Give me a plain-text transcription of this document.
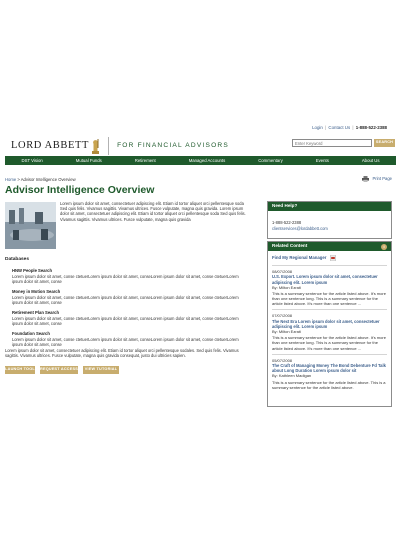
Login | Contact Us | 1-888-522-2388
LORD ABBETT	FOR FINANCIAL ADVISORS
Enter Keyword	SEARCH
DST Vision	Mutual Funds	Retirement	Managed Accounts	Commentary	Events	About Us
Home > Advisor Intelligence Overview	Print Page
Advisor Intelligence Overview

Lorem ipsum dolor sit amet, consectetuer adipiscing elit. Etiam id tortor aliquet orci pellentesque soda Sed quis felis. Vivamus sagittis. Vivamus ultrices. Fusce vulputate, magna quis gravida. Lorem ipsum dolor sit amet, consectetuer adipiscing elit. Etiam id tortor aliquet orci pellentesque soda Sed quis felis. Vivamus sagittis. Vivamus ultrices. Fusce vulputate, magna quis gravida

Databases
HNW People Search
Lorem ipsum dolor sit amet, conse ctetuerLorem ipsum dolor sit amet, conseLorem ipsum dolor sit amet, conse ctetuerLorem ipsum dolor sit amet, conse
Money in Motion Search
Lorem ipsum dolor sit amet, conse ctetuerLorem ipsum dolor sit amet, conseLorem ipsum dolor sit amet, conse ctetuerLorem ipsum dolor sit amet, conse
Retirement Plan Search
Lorem ipsum dolor sit amet, conse ctetuerLorem ipsum dolor sit amet, conseLorem ipsum dolor sit amet, conse ctetuerLorem ipsum dolor sit amet, conse
Foundation Search
Lorem ipsum dolor sit amet, conse ctetuerLorem ipsum dolor sit amet, conseLorem ipsum dolor sit amet, conse ctetuerLorem ipsum dolor sit amet, conse

Lorem ipsum dolor sit amet, consectetuer adipiscing elit. Etiam id tortor aliquet orci pellentesque sodales. Sed quis felis. Vivamus sagittis. Vivamus ultrices. Fusce vulputate, magna quis gravida consequat, justo dui ultricies sapien.

LAUNCH TOOL REQUEST ACCESS	VIEW TUTORIAL
Need Help?
1-888-522-2388
clientservices@lordabbett.com
Related Content	i
Find My Regional Manager
08/07/2008
U.S. Export. Lorem ipsum dolor sit amet, consectetuer adipiscing elit. Lorem ipsum
By: Milton Ezrati
This is a summary sentence for the article listed above. It's more than one sentence long. This is a summary sentence for the article listed above. It's more than one sentence ...
07/07/2008
The Next Era Lorem ipsum dolor sit amet, consectetuer adipiscing elit. Lorem ipsum
By: Milton Ezrati
This is a summary sentence for the article listed above. It's more than one sentence long. This is a summary sentence for the article listed above. It's more than one sentence ...
05/07/2008
The Craft of Managing Money The Bond Debenture Fd Talk about Long Duration Lorem ipsum dolor sit
By: Kathleen Madigan
This is a summary sentence for the article listed above. This is a summary sentence for the article listed above.
